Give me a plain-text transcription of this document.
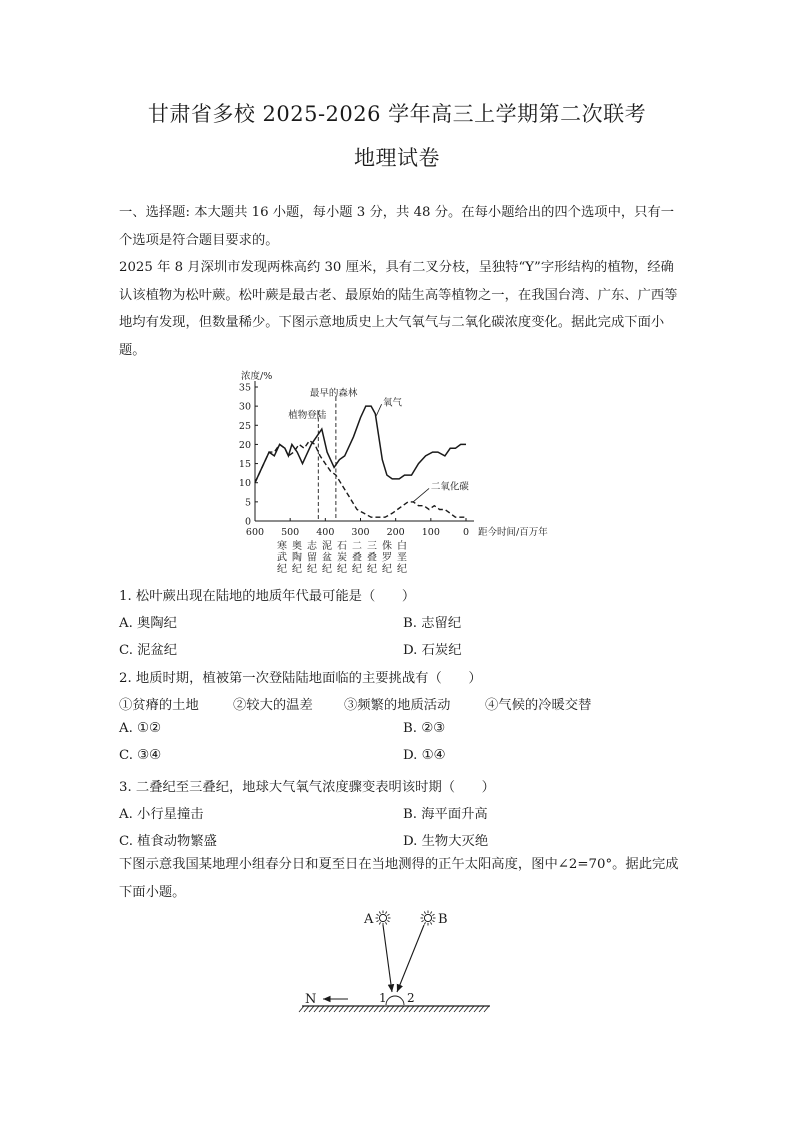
甘肃省多校 2025-2026 学年高三上学期第二次联考
地理试卷
一、选择题: 本大题共 16 小题，每小题 3 分，共 48 分。在每小题给出的四个选项中，只有一个选项是符合题目要求的。
2025 年 8 月深圳市发现两株高约 30 厘米，具有二叉分枝，呈独特“Y”字形结构的植物，经确认该植物为松叶蕨。松叶蕨是最古老、最原始的陆生高等植物之一，在我国台湾、广东、广西等地均有发现，但数量稀少。下图示意地质史上大气氧气与二氧化碳浓度变化。据此完成下面小题。
浓度/%
距今时间/百万年
0
5
10
15
20
25
30
35
600 500 400 300 200 100 0
植物登陆
最早的森林
氧气
二氧化碳
寒
武
纪
奥
陶
纪
志
留
纪
泥
盆
纪
石
炭
纪
二
叠
纪
三
叠
纪
侏
罗
纪
白
垩
纪
1. 松叶蕨出现在陆地的地质年代最可能是（　　）
A. 奥陶纪	B. 志留纪
C. 泥盆纪	D. 石炭纪
2. 地质时期，植被第一次登陆陆地面临的主要挑战有（　　）
①贫瘠的土地	②较大的温差 ③频繁的地质活动	④气候的冷暖交替
A. ①②	B. ②③
C. ③④	D. ①④
3. 二叠纪至三叠纪，地球大气氧气浓度骤变表明该时期（　　）
A. 小行星撞击	B. 海平面升高
C. 植食动物繁盛	D. 生物大灭绝
下图示意我国某地理小组春分日和夏至日在当地测得的正午太阳高度，图中∠2=70°。据此完成下面小题。
A	B
1 2
N
